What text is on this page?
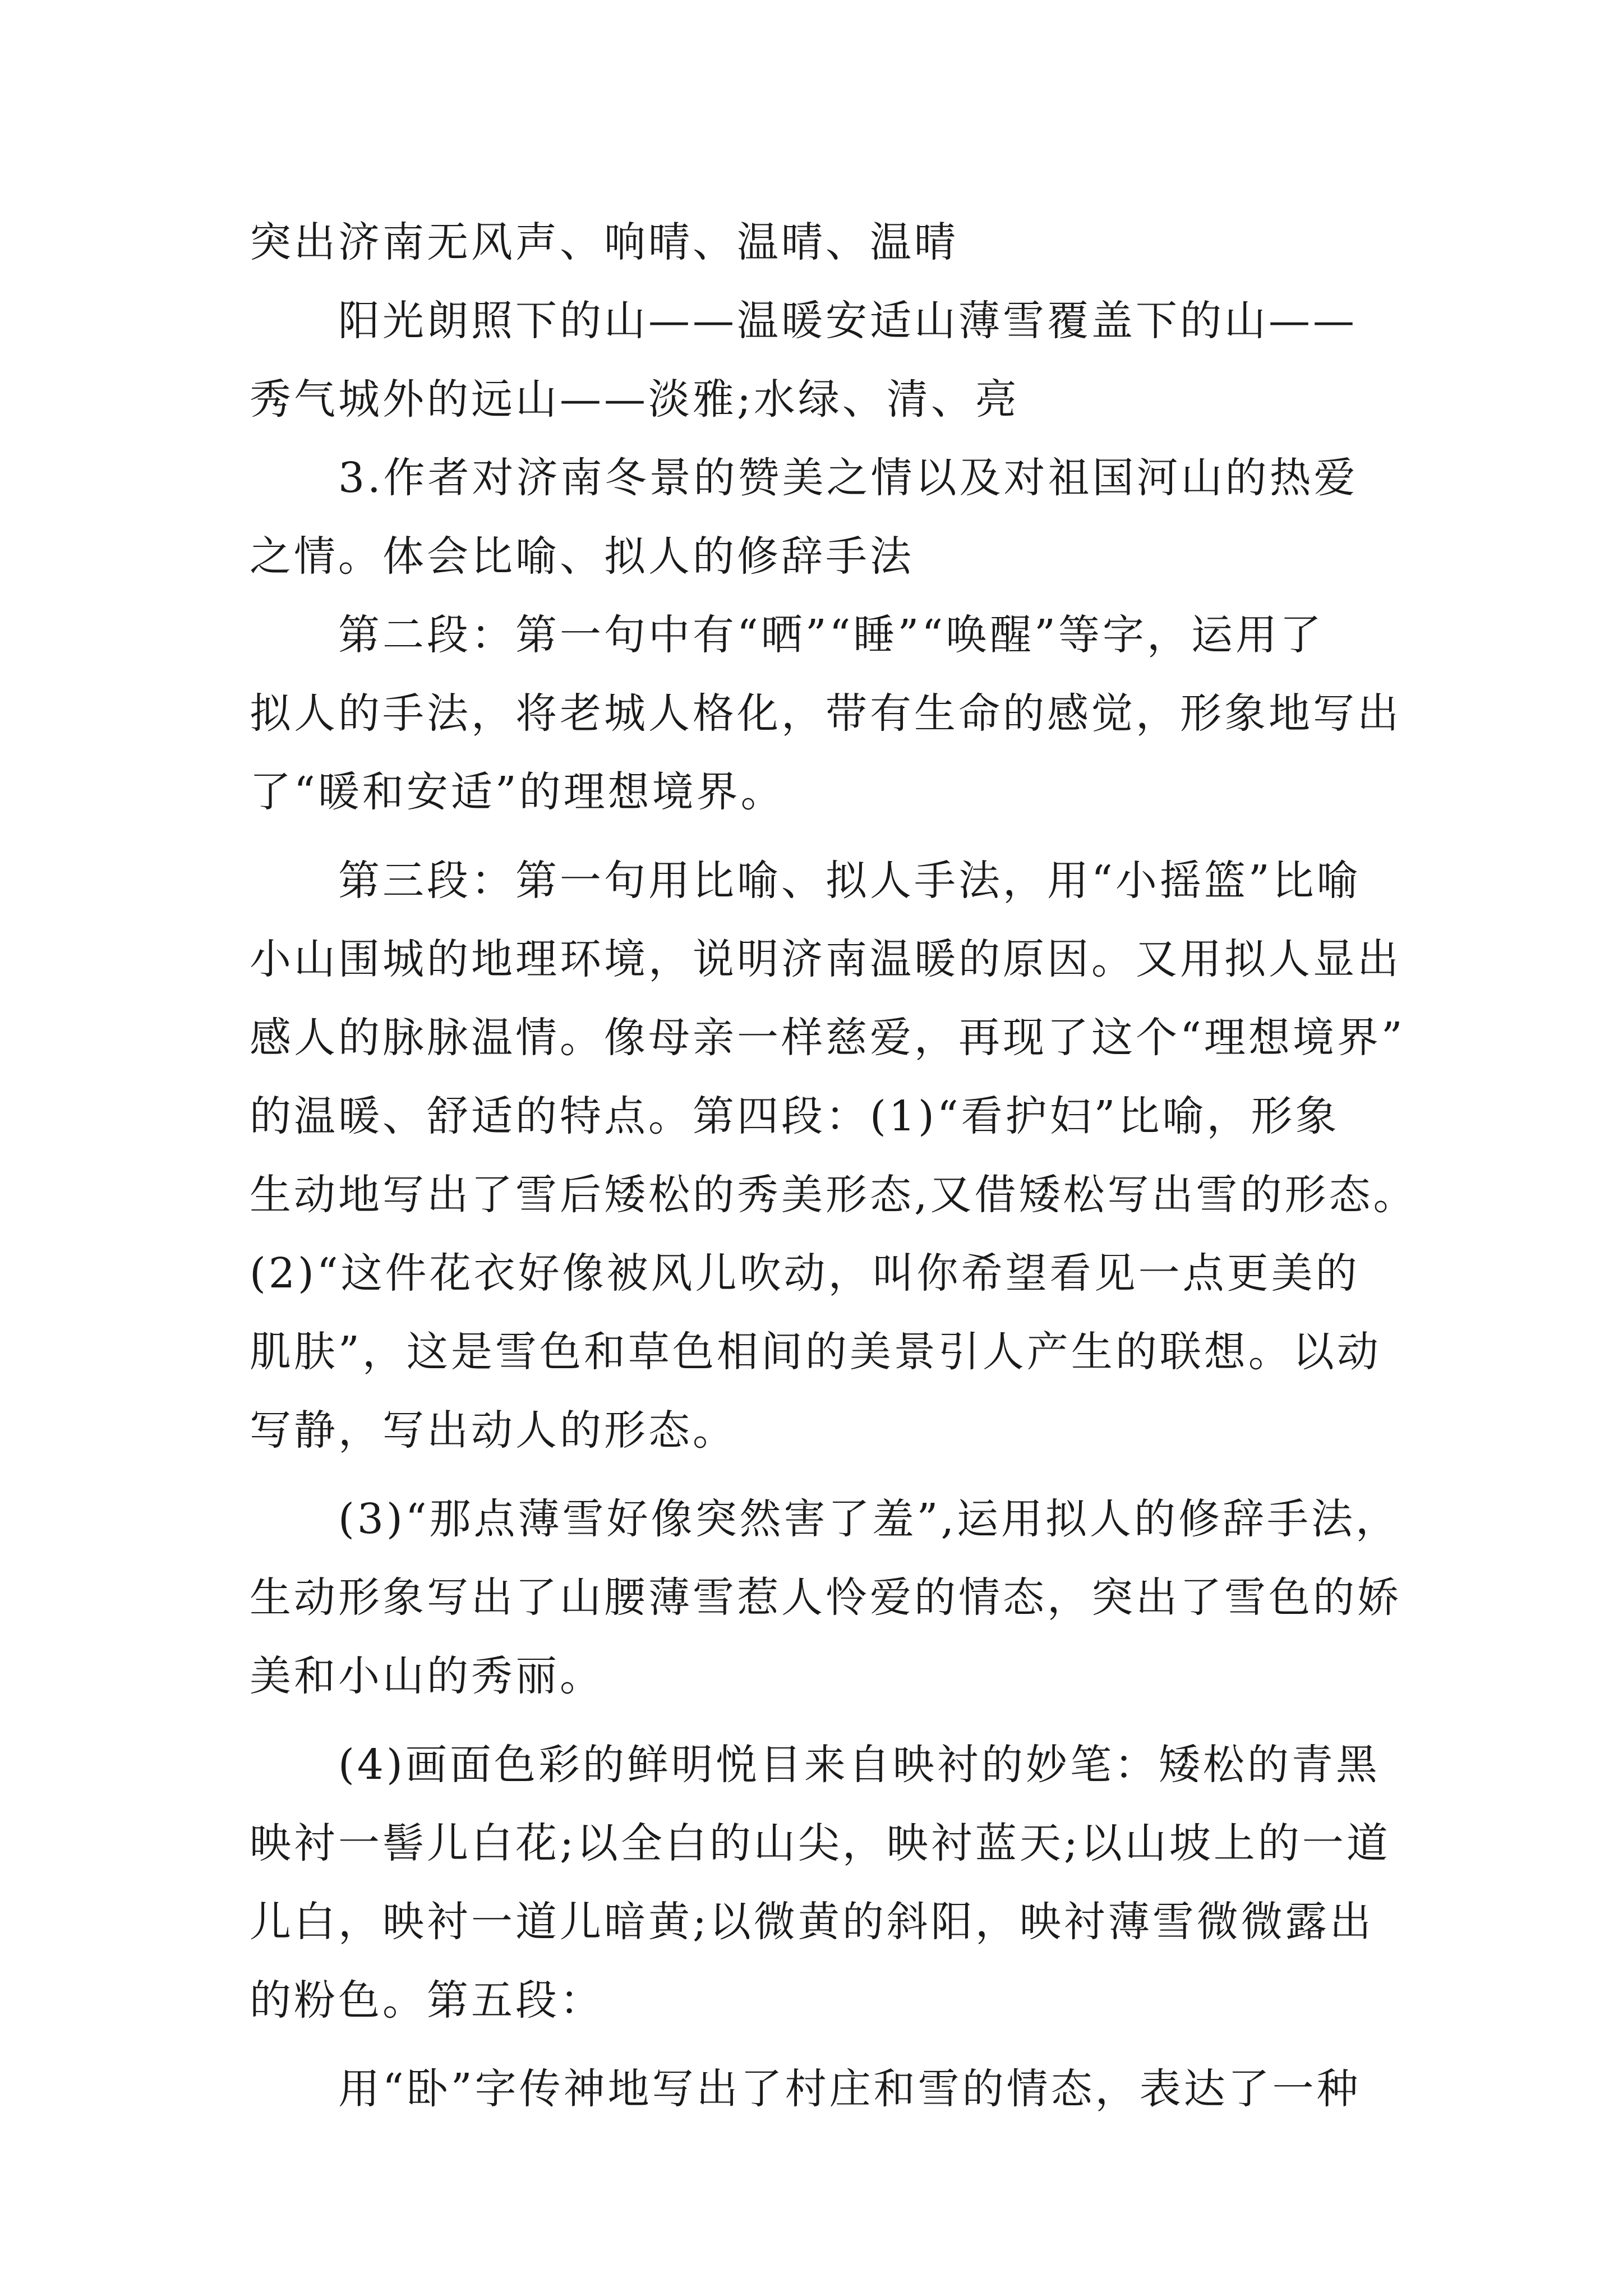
突出济南无风声、响晴、温晴、温晴
阳光朗照下的山——温暖安适山薄雪覆盖下的山——
秀气城外的远山——淡雅;水绿、清、亮
3.作者对济南冬景的赞美之情以及对祖国河山的热爱
之情。体会比喻、拟人的修辞手法
第二段：第一句中有“晒”“睡”“唤醒”等字，运用了
拟人的手法，将老城人格化，带有生命的感觉，形象地写出
了“暖和安适”的理想境界。
第三段：第一句用比喻、拟人手法，用“小摇篮”比喻
小山围城的地理环境，说明济南温暖的原因。又用拟人显出
感人的脉脉温情。像母亲一样慈爱，再现了这个“理想境界”
的温暖、舒适的特点。第四段：(1)“看护妇”比喻，形象
生动地写出了雪后矮松的秀美形态,又借矮松写出雪的形态。
(2)“这件花衣好像被风儿吹动，叫你希望看见一点更美的
肌肤”，这是雪色和草色相间的美景引人产生的联想。以动
写静，写出动人的形态。
(3)“那点薄雪好像突然害了羞”,运用拟人的修辞手法，
生动形象写出了山腰薄雪惹人怜爱的情态，突出了雪色的娇
美和小山的秀丽。
(4)画面色彩的鲜明悦目来自映衬的妙笔：矮松的青黑
映衬一髻儿白花;以全白的山尖，映衬蓝天;以山坡上的一道
儿白，映衬一道儿暗黄;以微黄的斜阳，映衬薄雪微微露出
的粉色。第五段：
用“卧”字传神地写出了村庄和雪的情态，表达了一种
